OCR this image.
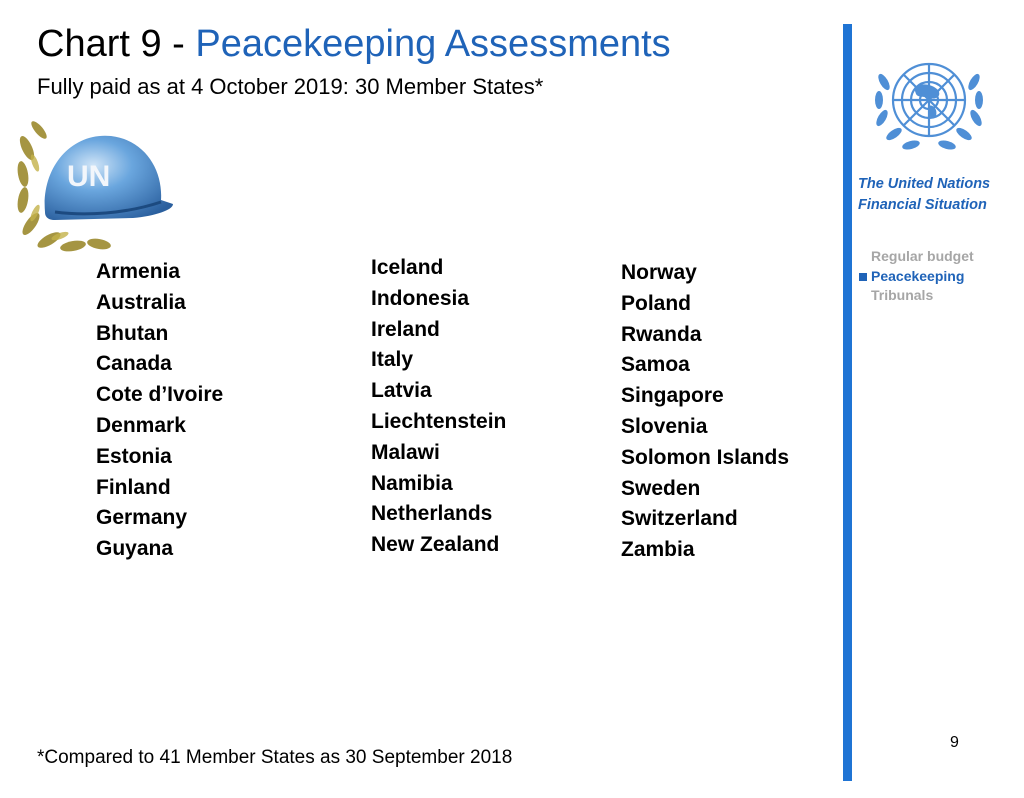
Chart 9 - Peacekeeping Assessments
Fully paid as at 4 October 2019: 30 Member States*
UN
Armenia
Australia
Bhutan
Canada
Cote d’Ivoire
Denmark
Estonia
Finland
Germany
Guyana
Iceland
Indonesia
Ireland
Italy
Latvia
Liechtenstein
Malawi
Namibia
Netherlands
New Zealand
Norway
Poland
Rwanda
Samoa
Singapore
Slovenia
Solomon Islands
Sweden
Switzerland
Zambia
The United Nations
Financial Situation
Regular budget
Peacekeeping
Tribunals
9
*Compared to 41 Member States as 30 September 2018
